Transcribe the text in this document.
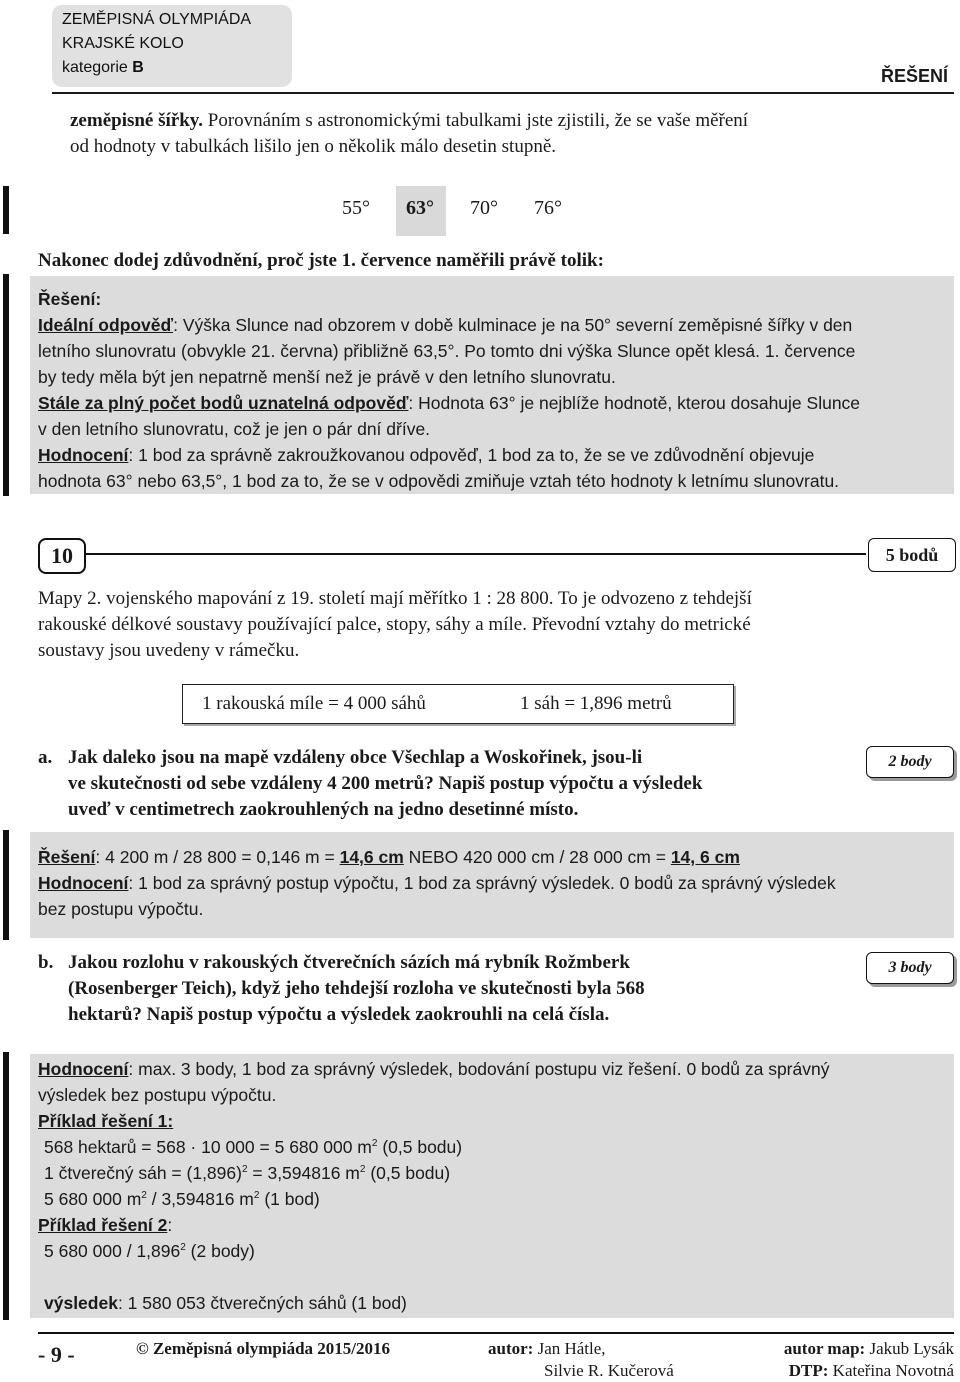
ZEMĚPISNÁ OLYMPIÁDA
KRAJSKÉ KOLO
kategorie B	ŘEŠENÍ
zeměpisné šířky. Porovnáním s astronomickými tabulkami jste zjistili, že se vaše měření
od hodnoty v tabulkách lišilo jen o několik málo desetin stupně.
55° 63° 70° 76°
Nakonec dodej zdůvodnění, proč jste 1. července naměřili právě tolik:
Řešení:
Ideální odpověď: Výška Slunce nad obzorem v době kulminace je na 50° severní zeměpisné šířky v den
letního slunovratu (obvykle 21. června) přibližně 63,5°. Po tomto dni výška Slunce opět klesá. 1. července
by tedy měla být jen nepatrně menší než je právě v den letního slunovratu.
Stále za plný počet bodů uznatelná odpověď: Hodnota 63° je nejblíže hodnotě, kterou dosahuje Slunce
v den letního slunovratu, což je jen o pár dní dříve.
Hodnocení: 1 bod za správně zakroužkovanou odpověď, 1 bod za to, že se ve zdůvodnění objevuje
hodnota 63° nebo 63,5°, 1 bod za to, že se v odpovědi zmiňuje vztah této hodnoty k letnímu slunovratu.
10	5 bodů
Mapy 2. vojenského mapování z 19. století mají měřítko 1 : 28 800. To je odvozeno z tehdejší
rakouské délkové soustavy používající palce, stopy, sáhy a míle. Převodní vztahy do metrické
soustavy jsou uvedeny v rámečku.
1 rakouská míle = 4 000 sáhů	1 sáh = 1,896 metrů
a. Jak daleko jsou na mapě vzdáleny obce Všechlap a Woskořinek, jsou-li
ve skutečnosti od sebe vzdáleny 4 200 metrů? Napiš postup výpočtu a výsledek
uveď v centimetrech zaokrouhlených na jedno desetinné místo.
2 body
Řešení: 4 200 m / 28 800 = 0,146 m = 14,6 cm NEBO 420 000 cm / 28 000 cm = 14, 6 cm
Hodnocení: 1 bod za správný postup výpočtu, 1 bod za správný výsledek. 0 bodů za správný výsledek
bez postupu výpočtu.
b. Jakou rozlohu v rakouských čtverečních sázích má rybník Rožmberk
(Rosenberger Teich), když jeho tehdejší rozloha ve skutečnosti byla 568
hektarů? Napiš postup výpočtu a výsledek zaokrouhli na celá čísla.
3 body
Hodnocení: max. 3 body, 1 bod za správný výsledek, bodování postupu viz řešení. 0 bodů za správný
výsledek bez postupu výpočtu.
Příklad řešení 1:
568 hektarů = 568 · 10 000 = 5 680 000 $m^2$ (0,5 bodu)
1 čtverečný sáh = $(1,896)^2 = 3,594816$ $m^2$ (0,5 bodu)
5 680 000 $m^2 / 3,594816$ $m^2$ (1 bod)
Příklad řešení 2:
5 680 000 / 1,896$^2$ (2 body)
výsledek: 1 580 053 čtverečných sáhů (1 bod)
- 9 -	© Zeměpisná olympiáda 2015/2016	autor: Jan Hátle,
Silvie R. Kučerová
autor map: Jakub Lysák
DTP: Kateřina Novotná
